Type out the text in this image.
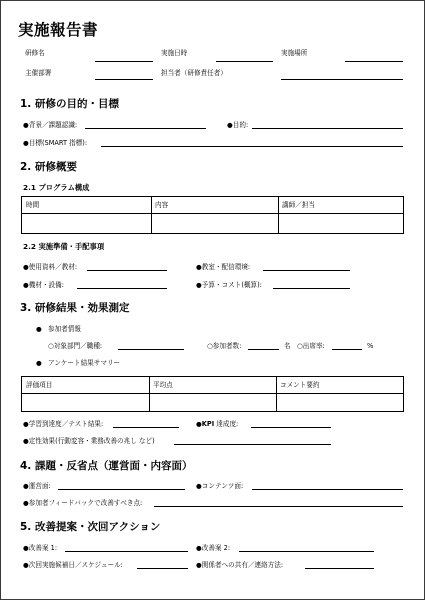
実施報告書
研修名	実施日時	実施場所
主催部署	担当者（研修責任者）
1. 研修の目的・目標
●背景／課題認識:	●目的:
●目標(SMART 指標):
2. 研修概要
2.1 プログラム構成
時間	内容	講師／担当
2.2 実施準備・手配事項
●使用資料／教材:	●教室・配信環境:
●機材・設備:	●予算・コスト(概算):
3. 研修結果・効果測定
● 参加者情報
○対象部門／職種:	○参加者数:	名 ○出席率:	%
● アンケート結果サマリー
評価項目	平均点	コメント要約
●学習到達度／テスト結果:	●KPI 達成度:
●定性効果(行動変容・業務改善の兆し など)
4. 課題・反省点（運営面・内容面）
●運営面:	●コンテンツ面:
●参加者フィードバックで改善すべき点:
5. 改善提案・次回アクション
●改善案 1:	●改善案 2:
●次回実施候補日／スケジュール:	●関係者への共有／連絡方法:
